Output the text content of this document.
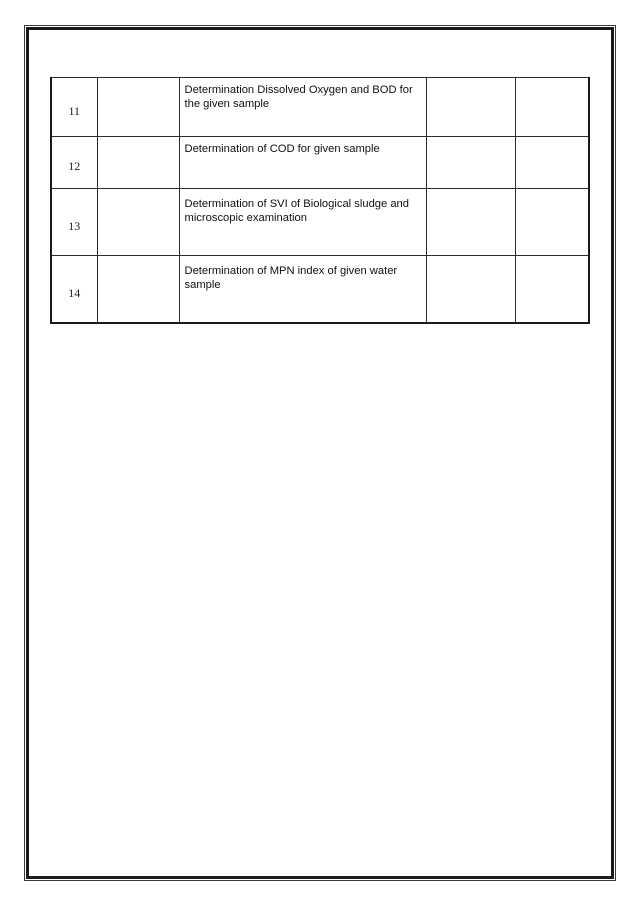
11		Determination Dissolved Oxygen and BOD for the given sample		
12		Determination of COD for given sample		
13		Determination of SVI of Biological sludge and microscopic examination		
14		Determination of MPN index of given water sample		
